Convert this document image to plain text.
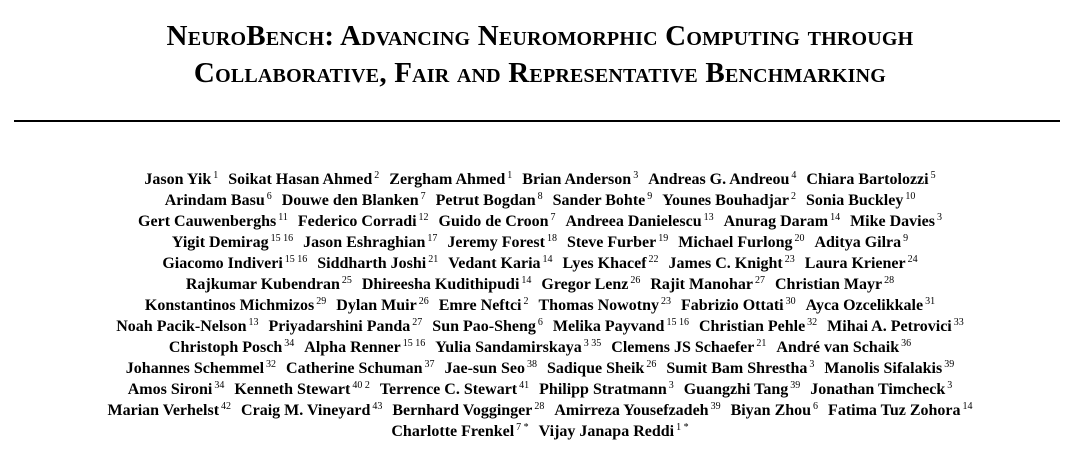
NeuroBench: Advancing Neuromorphic Computing through
Collaborative, Fair and Representative Benchmarking
Jason Yik $^1$ Soikat Hasan Ahmed $^2$ Zergham Ahmed $^1$ Brian Anderson $^3$ Andreas G. Andreou $^4$ Chiara Bartolozzi $^5$
Arindam Basu $^6$ Douwe den Blanken $^7$ Petrut Bogdan $^8$ Sander Bohte $^9$ Younes Bouhadjar $^2$ Sonia Buckley $^{10}$
Gert Cauwenberghs $^{11}$ Federico Corradi $^{12}$ Guido de Croon $^7$ Andreea Danielescu $^{13}$ Anurag Daram $^{14}$ Mike Davies $^3$
Yigit Demirag $^{15 16}$ Jason Eshraghian $^{17}$ Jeremy Forest $^{18}$ Steve Furber $^{19}$ Michael Furlong $^{20}$ Aditya Gilra $^9$
Giacomo Indiveri $^{15 16}$ Siddharth Joshi $^{21}$ Vedant Karia $^{14}$ Lyes Khacef $^{22}$ James C. Knight $^{23}$ Laura Kriener $^{24}$
Rajkumar Kubendran $^{25}$ Dhireesha Kudithipudi $^{14}$ Gregor Lenz $^{26}$ Rajit Manohar $^{27}$ Christian Mayr $^{28}$
Konstantinos Michmizos $^{29}$ Dylan Muir $^{26}$ Emre Neftci $^2$ Thomas Nowotny $^{23}$ Fabrizio Ottati $^{30}$ Ayca Ozcelikkale $^{31}$
Noah Pacik-Nelson $^{13}$ Priyadarshini Panda $^{27}$ Sun Pao-Sheng $^6$ Melika Payvand $^{15 16}$ Christian Pehle $^{32}$ Mihai A. Petrovici $^{33}$
Christoph Posch $^{34}$ Alpha Renner $^{15 16}$ Yulia Sandamirskaya $^{3 35}$ Clemens JS Schaefer $^{21}$ André van Schaik $^{36}$
Johannes Schemmel $^{32}$ Catherine Schuman $^{37}$ Jae-sun Seo $^{38}$ Sadique Sheik $^{26}$ Sumit Bam Shrestha $^3$ Manolis Sifalakis $^{39}$
Amos Sironi $^{34}$ Kenneth Stewart $^{40 2}$ Terrence C. Stewart $^{41}$ Philipp Stratmann $^3$ Guangzhi Tang $^{39}$ Jonathan Timcheck $^3$
Marian Verhelst $^{42}$ Craig M. Vineyard $^{43}$ Bernhard Vogginger $^{28}$ Amirreza Yousefzadeh $^{39}$ Biyan Zhou $^6$ Fatima Tuz Zohora $^{14}$
Charlotte Frenkel $^{7 *}$ Vijay Janapa Reddi $^{1 *}$
